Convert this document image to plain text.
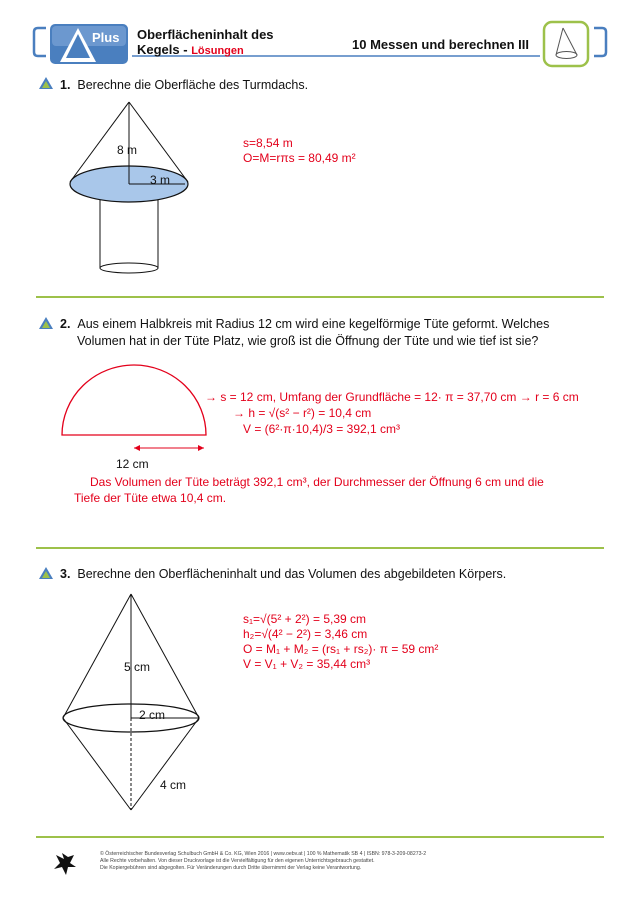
Plus Oberflächeninhalt des
Kegels - Lösungen	10 Messen und berechnen III
1. Berechne die Oberfläche des Turmdachs.
8 m
3 m
s=8,54 m
O=M=rπs = 80,49 m²
2. Aus einem Halbkreis mit Radius 12 cm wird eine kegelförmige Tüte geformt. Welches
Volumen hat in der Tüte Platz, wie groß ist die Öffnung der Tüte und wie tief ist sie?
12 cm
→ s = 12 cm, Umfang der Grundfläche = 12· π = 37,70 cm → r = 6 cm
→ h = √(s² − r²) = 10,4 cm
V = (6²·π·10,4)/3 = 392,1 cm³
Das Volumen der Tüte beträgt 392,1 cm³, der Durchmesser der Öffnung 6 cm und die
Tiefe der Tüte etwa 10,4 cm.
3. Berechne den Oberflächeninhalt und das Volumen des abgebildeten Körpers.
5 cm
2 cm
4 cm
s₁=√(5² + 2²) = 5,39 cm
h₂=√(4² − 2²) = 3,46 cm
O = M₁ + M₂ = (rs₁ + rs₂)· π = 59 cm²
V = V₁ + V₂ = 35,44 cm³
© Österreichischer Bundesverlag Schulbuch GmbH & Co. KG, Wien 2016 | www.oebv.at | 100 % Mathematik SB 4 | ISBN: 978-3-209-08273-2
Alle Rechte vorbehalten. Von dieser Druckvorlage ist die Vervielfältigung für den eigenen Unterrichtsgebrauch gestattet.
Die Kopiergebühren sind abgegolten. Für Veränderungen durch Dritte übernimmt der Verlag keine Verantwortung.
